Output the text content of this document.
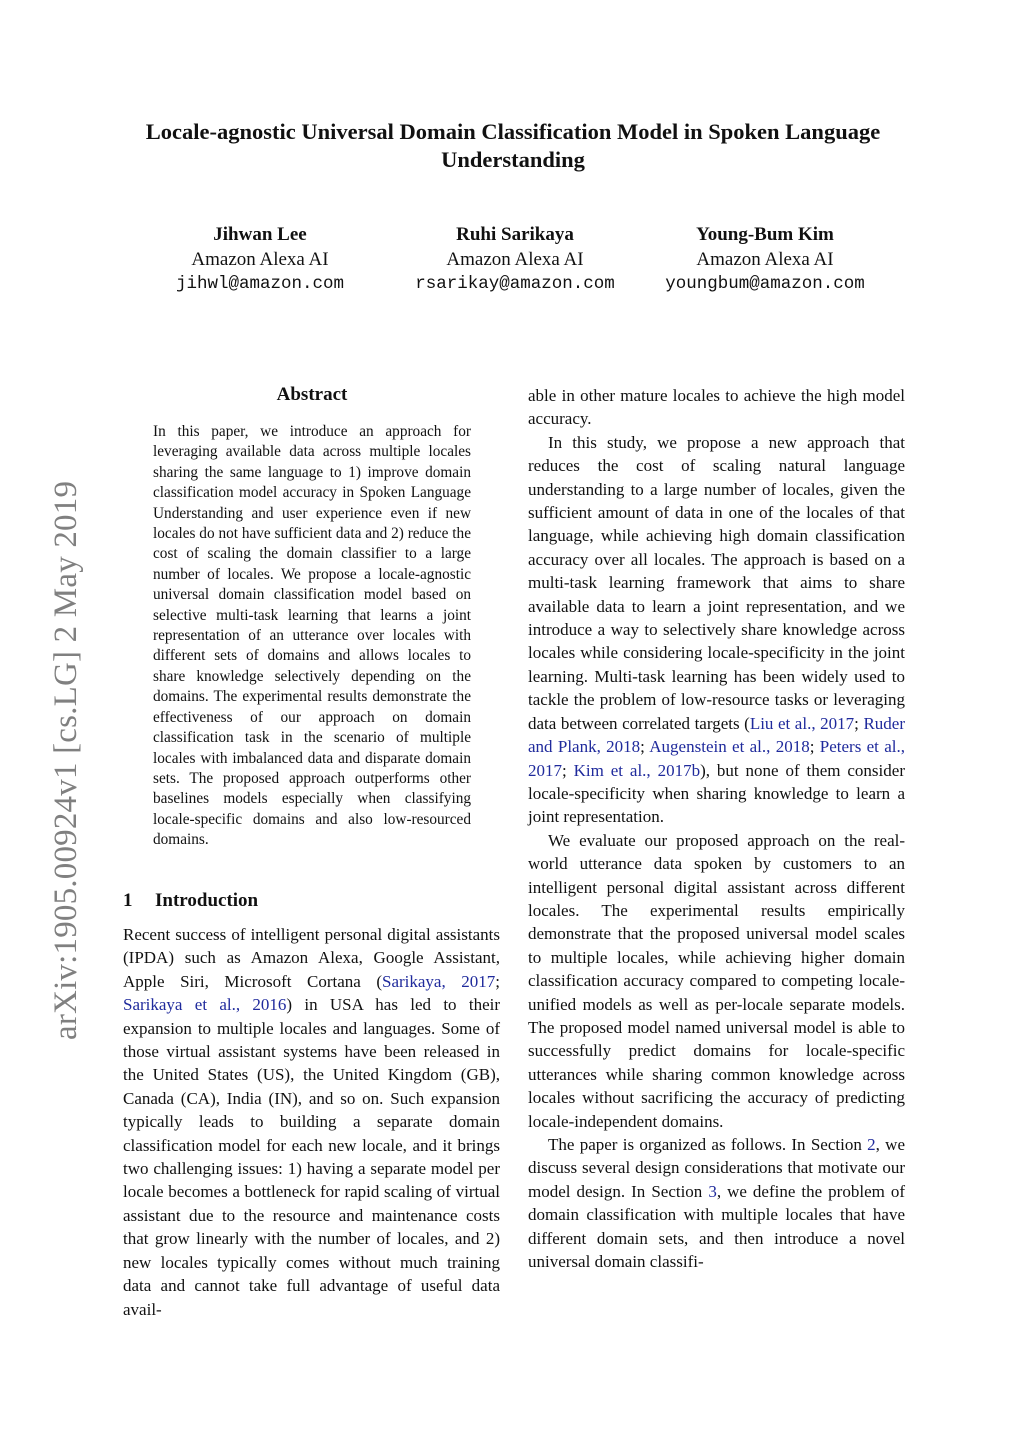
arXiv:1905.00924v1 [cs.LG] 2 May 2019
Locale-agnostic Universal Domain Classification Model in Spoken Language Understanding
Jihwan Lee
Amazon Alexa AI
jihwl@amazon.com
Ruhi Sarikaya
Amazon Alexa AI
rsarikay@amazon.com
Young-Bum Kim
Amazon Alexa AI
youngbum@amazon.com
Abstract
In this paper, we introduce an approach for leveraging available data across multiple locales sharing the same language to 1) improve domain classification model accuracy in Spoken Language Understanding and user experience even if new locales do not have sufficient data and 2) reduce the cost of scaling the domain classifier to a large number of locales. We propose a locale-agnostic universal domain classification model based on selective multi-task learning that learns a joint representation of an utterance over locales with different sets of domains and allows locales to share knowledge selectively depending on the domains. The experimental results demonstrate the effectiveness of our approach on domain classification task in the scenario of multiple locales with imbalanced data and disparate domain sets. The proposed approach outperforms other baselines models especially when classifying locale-specific domains and also low-resourced domains.
1 Introduction

Recent success of intelligent personal digital assistants (IPDA) such as Amazon Alexa, Google Assistant, Apple Siri, Microsoft Cortana (Sarikaya, 2017; Sarikaya et al., 2016) in USA has led to their expansion to multiple locales and languages. Some of those virtual assistant systems have been released in the United States (US), the United Kingdom (GB), Canada (CA), India (IN), and so on. Such expansion typically leads to building a separate domain classification model for each new locale, and it brings two challenging issues: 1) having a separate model per locale becomes a bottleneck for rapid scaling of virtual assistant due to the resource and maintenance costs that grow linearly with the number of locales, and 2) new locales typically comes without much training data and cannot take full advantage of useful data avail-

able in other mature locales to achieve the high model accuracy.

In this study, we propose a new approach that reduces the cost of scaling natural language understanding to a large number of locales, given the sufficient amount of data in one of the locales of that language, while achieving high domain classification accuracy over all locales. The approach is based on a multi-task learning framework that aims to share available data to learn a joint representation, and we introduce a way to selectively share knowledge across locales while considering locale-specificity in the joint learning. Multi-task learning has been widely used to tackle the problem of low-resource tasks or leveraging data between correlated targets (Liu et al., 2017; Ruder and Plank, 2018; Augenstein et al., 2018; Peters et al., 2017; Kim et al., 2017b), but none of them consider locale-specificity when sharing knowledge to learn a joint representation.

We evaluate our proposed approach on the real-world utterance data spoken by customers to an intelligent personal digital assistant across different locales. The experimental results empirically demonstrate that the proposed universal model scales to multiple locales, while achieving higher domain classification accuracy compared to competing locale-unified models as well as per-locale separate models. The proposed model named universal model is able to successfully predict domains for locale-specific utterances while sharing common knowledge across locales without sacrificing the accuracy of predicting locale-independent domains.

The paper is organized as follows. In Section 2, we discuss several design considerations that motivate our model design. In Section 3, we define the problem of domain classification with multiple locales that have different domain sets, and then introduce a novel universal domain classifi-
